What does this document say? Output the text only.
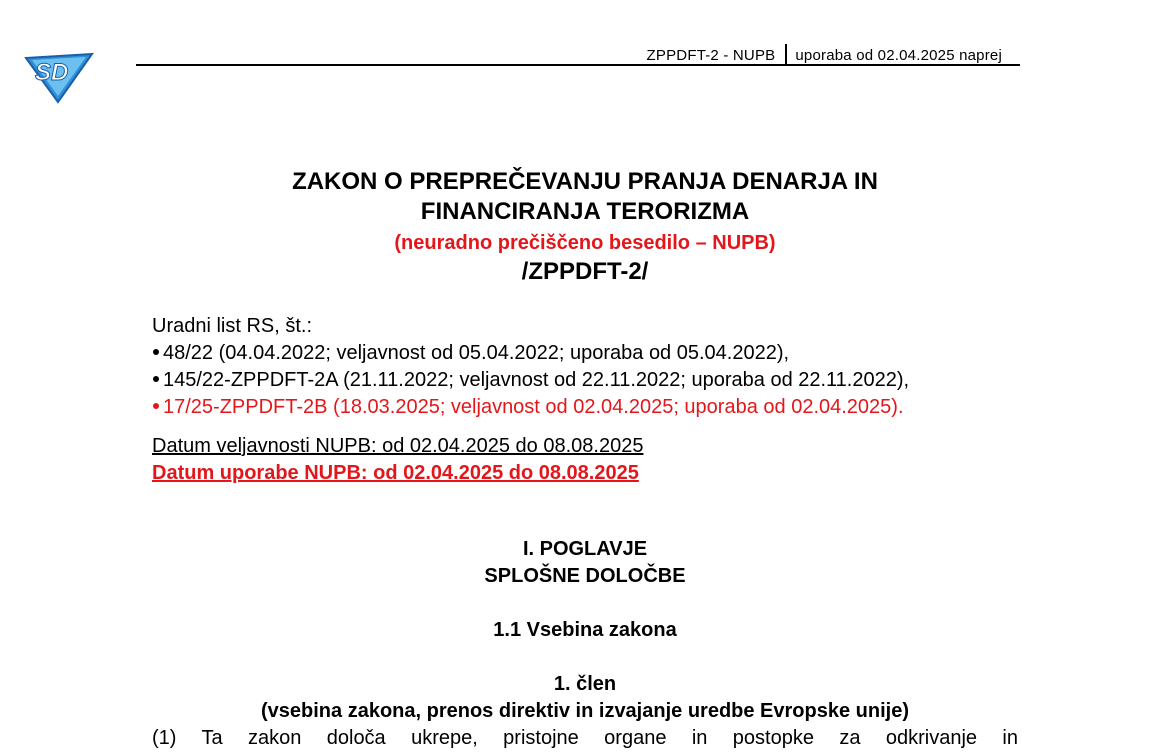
SD
ZPPDFT-2 - NUPB uporaba od 02.04.2025 naprej
ZAKON O PREPREČEVANJU PRANJA DENARJA IN
FINANCIRANJA TERORIZMA
(neuradno prečiščeno besedilo – NUPB)
/ZPPDFT-2/
Uradni list RS, št.:
48/22 (04.04.2022; veljavnost od 05.04.2022; uporaba od 05.04.2022),
145/22-ZPPDFT-2A (21.11.2022; veljavnost od 22.11.2022; uporaba od 22.11.2022),
17/25-ZPPDFT-2B (18.03.2025; veljavnost od 02.04.2025; uporaba od 02.04.2025).
Datum veljavnosti NUPB: od 02.04.2025 do 08.08.2025
Datum uporabe NUPB: od 02.04.2025 do 08.08.2025
I. POGLAVJE
SPLOŠNE DOLOČBE
1.1 Vsebina zakona
1. člen
(vsebina zakona, prenos direktiv in izvajanje uredbe Evropske unije)
(1) Ta zakon določa ukrepe, pristojne organe in postopke za odkrivanje in
